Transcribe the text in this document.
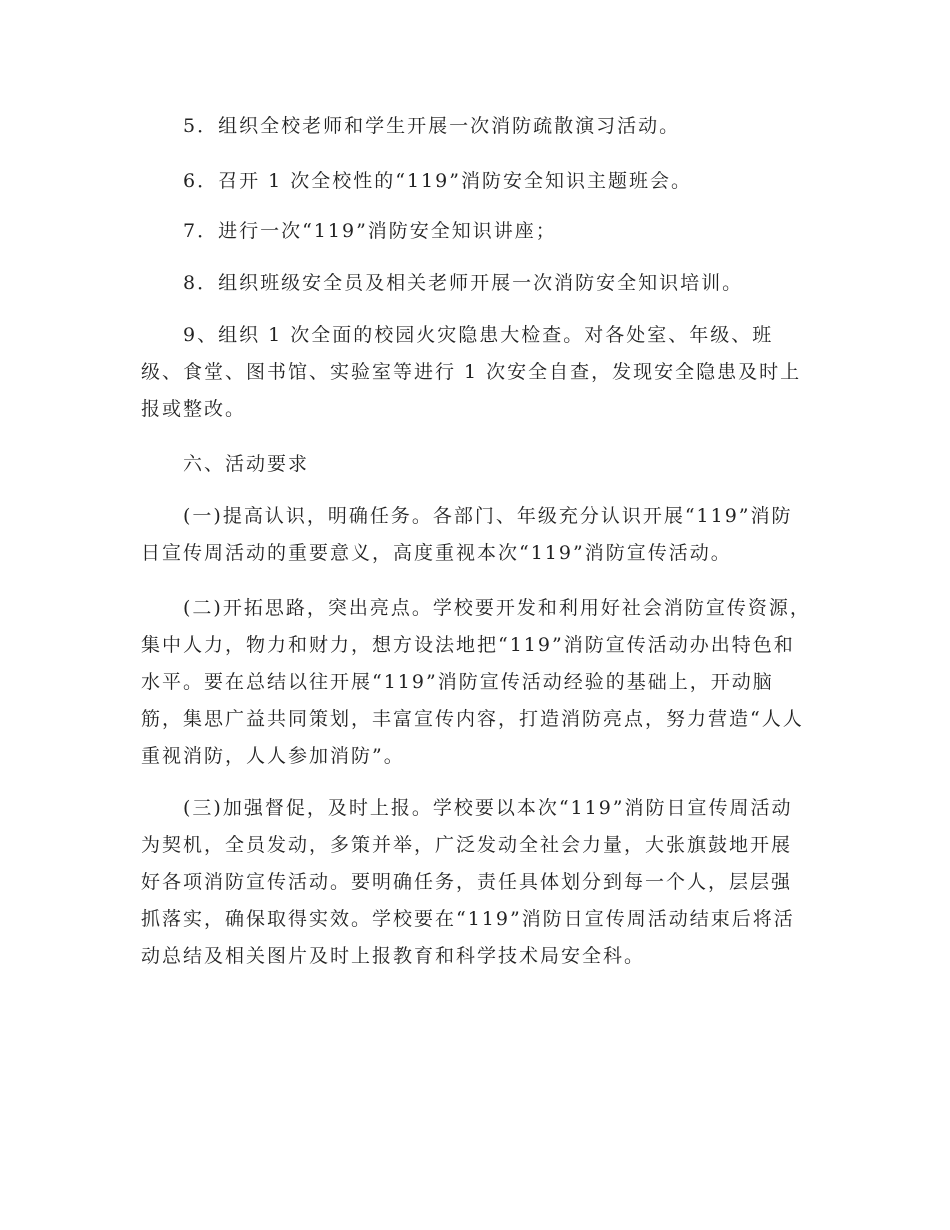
5．组织全校老师和学生开展一次消防疏散演习活动。

6．召开 1 次全校性的“119”消防安全知识主题班会。

7．进行一次“119”消防安全知识讲座；

8．组织班级安全员及相关老师开展一次消防安全知识培训。

9、组织 1 次全面的校园火灾隐患大检查。对各处室、年级、班级、食堂、图书馆、实验室等进行 1 次安全自查，发现安全隐患及时上报或整改。

六、活动要求

(一)提高认识，明确任务。各部门、年级充分认识开展“119”消防日宣传周活动的重要意义，高度重视本次“119”消防宣传活动。

(二)开拓思路，突出亮点。学校要开发和利用好社会消防宣传资源，集中人力，物力和财力，想方设法地把“119”消防宣传活动办出特色和水平。要在总结以往开展“119”消防宣传活动经验的基础上，开动脑筋，集思广益共同策划，丰富宣传内容，打造消防亮点，努力营造“人人重视消防，人人参加消防”。

(三)加强督促，及时上报。学校要以本次“119”消防日宣传周活动为契机，全员发动，多策并举，广泛发动全社会力量，大张旗鼓地开展好各项消防宣传活动。要明确任务，责任具体划分到每一个人，层层强抓落实，确保取得实效。学校要在“119”消防日宣传周活动结束后将活动总结及相关图片及时上报教育和科学技术局安全科。
